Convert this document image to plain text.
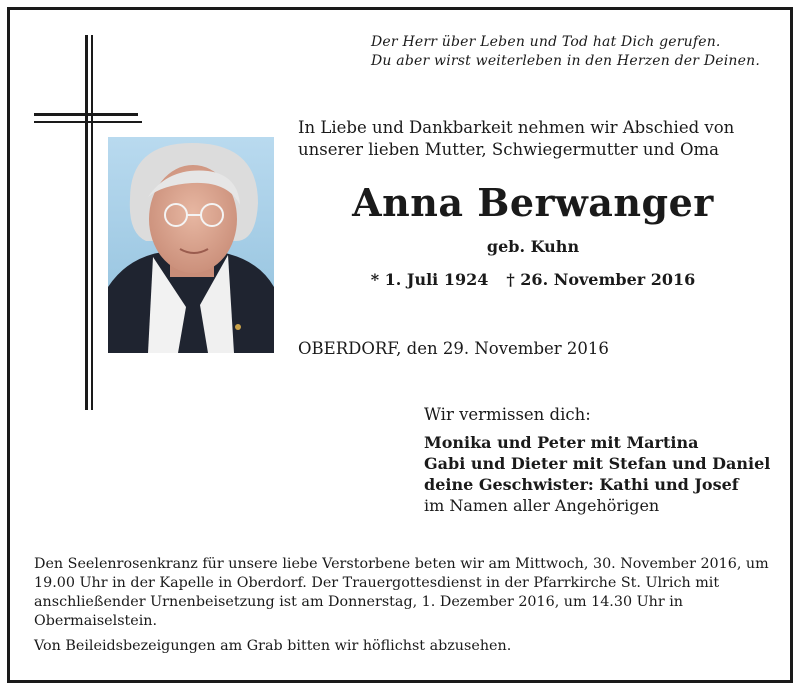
Der Herr über Leben und Tod hat Dich gerufen.
Du aber wirst weiterleben in den Herzen der Deinen.
In Liebe und Dankbarkeit nehmen wir Abschied von
unserer lieben Mutter, Schwiegermutter und Oma
Anna Berwanger
geb. Kuhn
* 1. Juli 1924 † 26. November 2016
OBERDORF, den 29. November 2016
Wir vermissen dich:
Monika und Peter mit Martina
Gabi und Dieter mit Stefan und Daniel
deine Geschwister: Kathi und Josef
im Namen aller Angehörigen
Den Seelenrosenkranz für unsere liebe Verstorbene beten wir am Mittwoch, 30. November 2016, um 19.00 Uhr in der Kapelle in Oberdorf. Der Trauergottesdienst in der Pfarrkirche St. Ulrich mit anschließender Urnenbeisetzung ist am Donnerstag, 1. Dezember 2016, um 14.30 Uhr in Obermaiselstein.
Von Beileidsbezeigungen am Grab bitten wir höflichst abzusehen.
